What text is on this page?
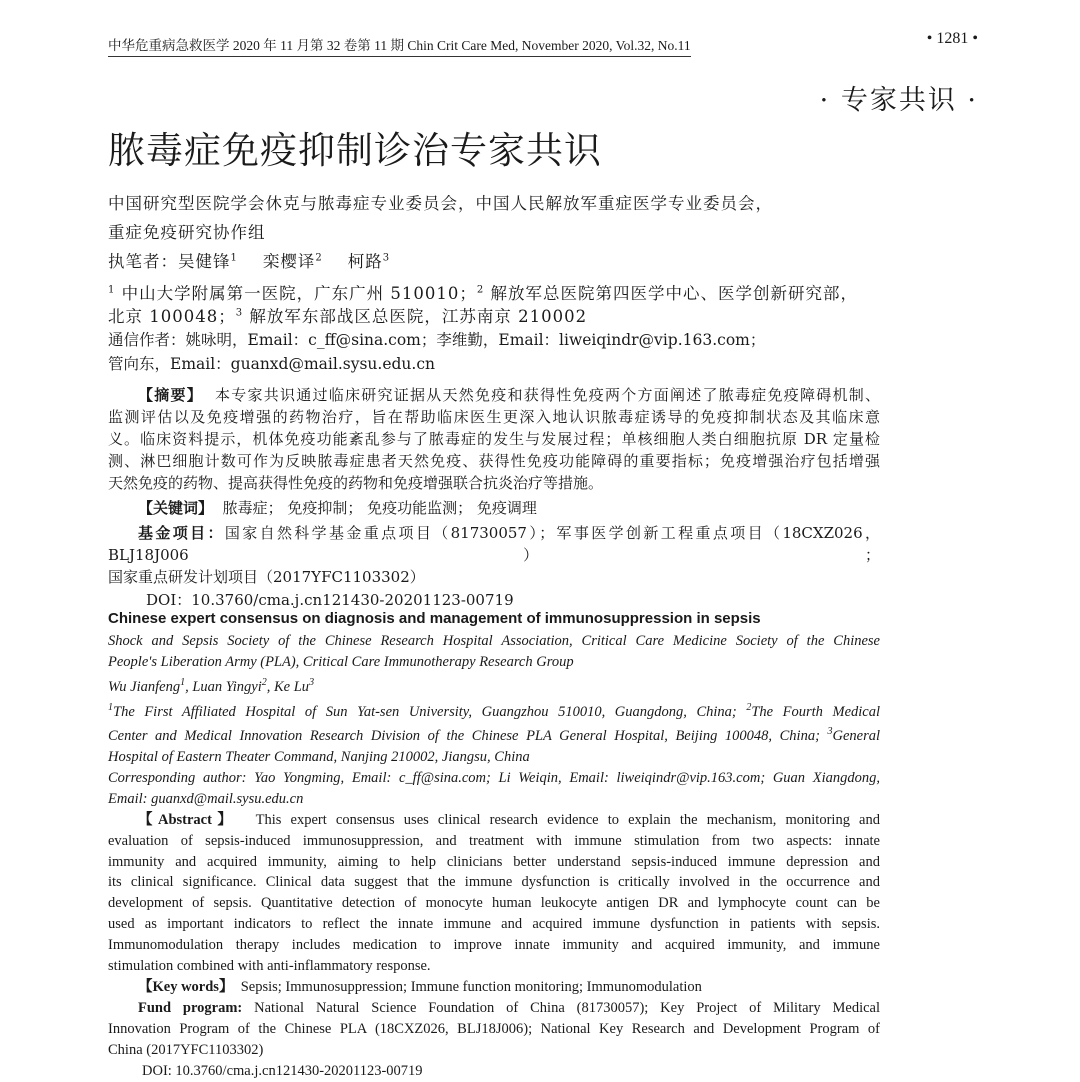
中华危重病急救医学 2020 年 11 月第 32 卷第 11 期 Chin Crit Care Med, November 2020, Vol.32, No.11	• 1281 •
· 专家共识 ·
脓毒症免疫抑制诊治专家共识
中国研究型医院学会休克与脓毒症专业委员会，中国人民解放军重症医学专业委员会，
重症免疫研究协作组
执笔者：吴健锋$^1$ 栾樱译$^2$ 柯路$^3$
$^1$ 中山大学附属第一医院，广东广州 510010；$^2$ 解放军总医院第四医学中心、医学创新研究部，
北京 100048；$^3$ 解放军东部战区总医院，江苏南京 210002
通信作者：姚咏明，Email：c_ff@sina.com；李维勤，Email：liweiqindr@vip.163.com；
管向东，Email：guanxd@mail.sysu.edu.cn

【摘要】 本专家共识通过临床研究证据从天然免疫和获得性免疫两个方面阐述了脓毒症免疫障碍机制、

监测评估以及免疫增强的药物治疗，旨在帮助临床医生更深入地认识脓毒症诱导的免疫抑制状态及其临床意

义。临床资料提示，机体免疫功能紊乱参与了脓毒症的发生与发展过程；单核细胞人类白细胞抗原 DR 定量检

测、淋巴细胞计数可作为反映脓毒症患者天然免疫、获得性免疫功能障碍的重要指标；免疫增强治疗包括增强

天然免疫的药物、提高获得性免疫的药物和免疫增强联合抗炎治疗等措施。

【关键词】 脓毒症； 免疫抑制； 免疫功能监测； 免疫调理

基金项目：国家自然科学基金重点项目（81730057）；军事医学创新工程重点项目（18CXZ026，BLJ18J006）；

国家重点研发计划项目（2017YFC1103302）

DOI：10.3760/cma.j.cn121430-20201123-00719

Chinese expert consensus on diagnosis and management of immunosuppression in sepsis

Shock and Sepsis Society of the Chinese Research Hospital Association, Critical Care Medicine Society of the Chinese

People's Liberation Army (PLA), Critical Care Immunotherapy Research Group

Wu Jianfeng$^1$, Luan Yingyi$^2$, Ke Lu$^3$

$^1$The First Affiliated Hospital of Sun Yat-sen University, Guangzhou 510010, Guangdong, China; $^2$The Fourth Medical

Center and Medical Innovation Research Division of the Chinese PLA General Hospital, Beijing 100048, China; $^3$General

Hospital of Eastern Theater Command, Nanjing 210002, Jiangsu, China

Corresponding author: Yao Yongming, Email: c_ff@sina.com; Li Weiqin, Email: liweiqindr@vip.163.com; Guan Xiangdong,

Email: guanxd@mail.sysu.edu.cn

【Abstract】 This expert consensus uses clinical research evidence to explain the mechanism, monitoring and

evaluation of sepsis-induced immunosuppression, and treatment with immune stimulation from two aspects: innate

immunity and acquired immunity, aiming to help clinicians better understand sepsis-induced immune depression and

its clinical significance. Clinical data suggest that the immune dysfunction is critically involved in the occurrence and

development of sepsis. Quantitative detection of monocyte human leukocyte antigen DR and lymphocyte count can be

used as important indicators to reflect the innate immune and acquired immune dysfunction in patients with sepsis.

Immunomodulation therapy includes medication to improve innate immunity and acquired immunity, and immune

stimulation combined with anti-inflammatory response.

【Key words】 Sepsis; Immunosuppression; Immune function monitoring; Immunomodulation

Fund program: National Natural Science Foundation of China (81730057); Key Project of Military Medical

Innovation Program of the Chinese PLA (18CXZ026, BLJ18J006); National Key Research and Development Program of

China (2017YFC1103302)

DOI: 10.3760/cma.j.cn121430-20201123-00719
